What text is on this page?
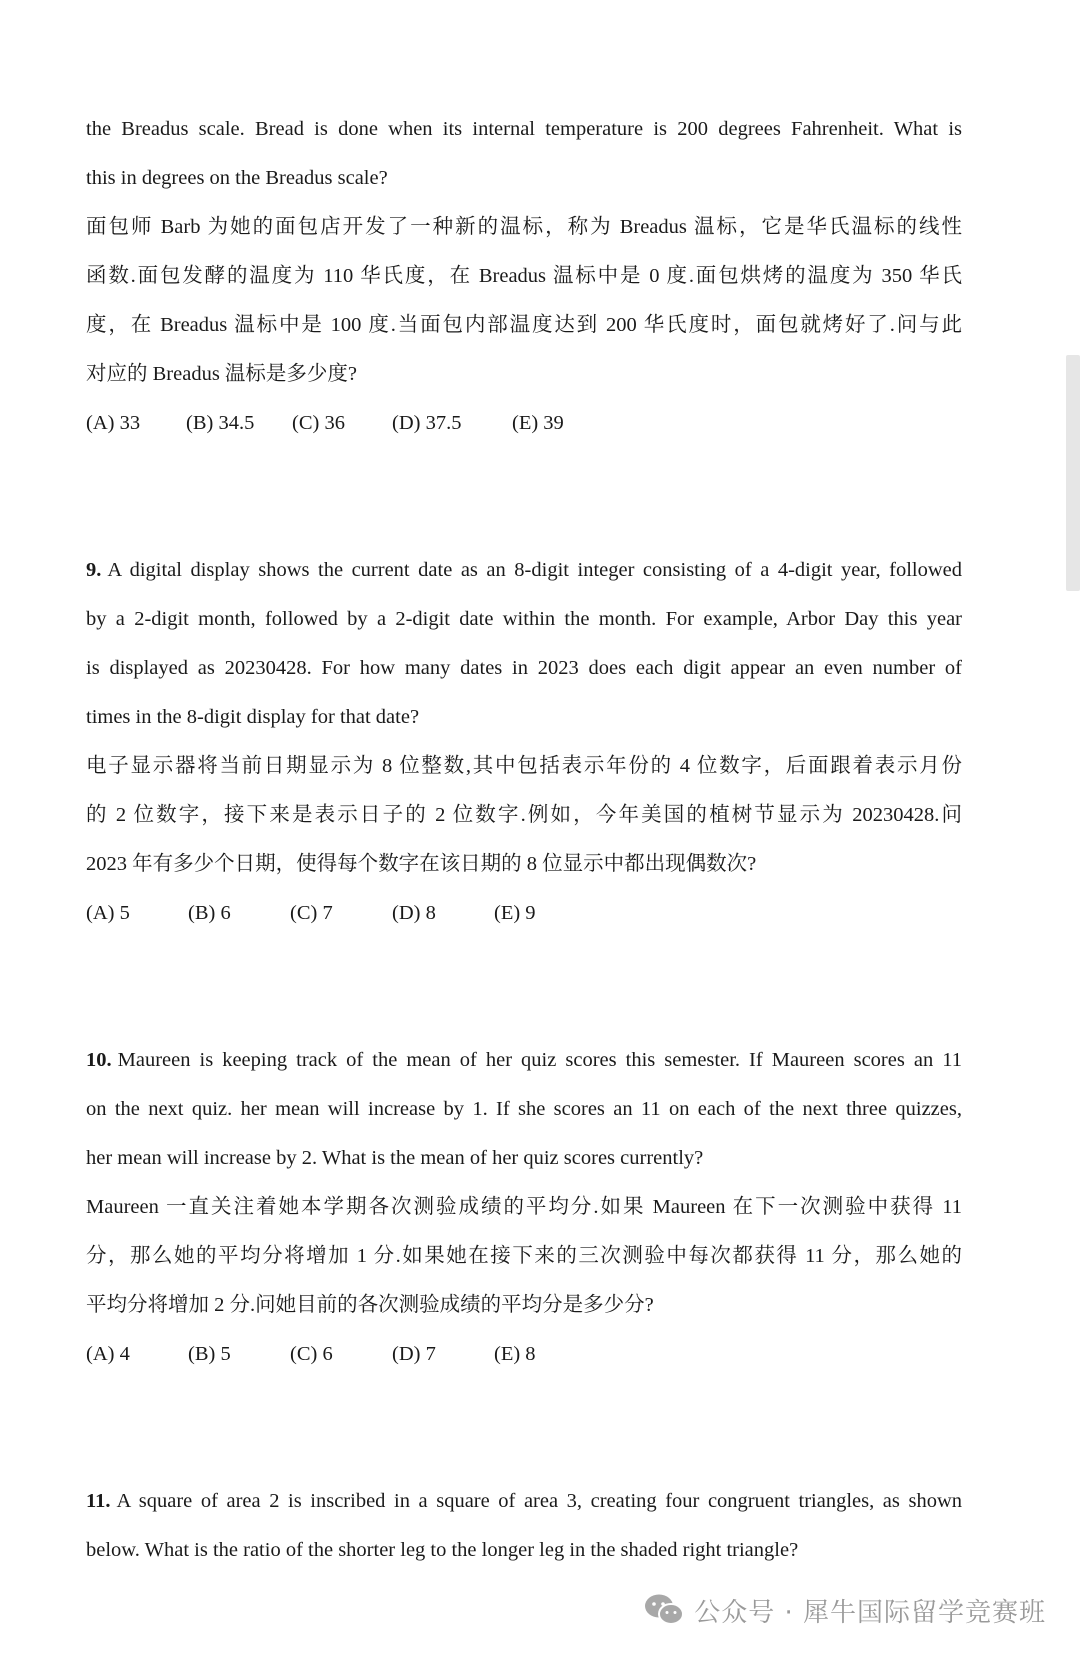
the Breadus scale. Bread is done when its internal temperature is 200 degrees Fahrenheit. What is
this in degrees on the Breadus scale?
面包师 Barb 为她的面包店开发了一种新的温标，称为 Breadus 温标，它是华氏温标的线性
函数.面包发酵的温度为 110 华氏度，在 Breadus 温标中是 0 度.面包烘烤的温度为 350 华氏
度，在 Breadus 温标中是 100 度.当面包内部温度达到 200 华氏度时，面包就烤好了.问与此
对应的 Breadus 温标是多少度?
(A) 33 (B) 34.5 (C) 36 (D) 37.5 (E) 39
9. A digital display shows the current date as an 8-digit integer consisting of a 4-digit year, followed
by a 2-digit month, followed by a 2-digit date within the month. For example, Arbor Day this year
is displayed as 20230428. For how many dates in 2023 does each digit appear an even number of
times in the 8-digit display for that date?
电子显示器将当前日期显示为 8 位整数,其中包括表示年份的 4 位数字，后面跟着表示月份
的 2 位数字，接下来是表示日子的 2 位数字.例如，今年美国的植树节显示为 20230428.问
2023 年有多少个日期，使得每个数字在该日期的 8 位显示中都出现偶数次?
(A) 5	(B) 6	(C) 7	(D) 8	(E) 9
10. Maureen is keeping track of the mean of her quiz scores this semester. If Maureen scores an 11
on the next quiz. her mean will increase by 1. If she scores an 11 on each of the next three quizzes,
her mean will increase by 2. What is the mean of her quiz scores currently?
Maureen 一直关注着她本学期各次测验成绩的平均分.如果 Maureen 在下一次测验中获得 11
分，那么她的平均分将增加 1 分.如果她在接下来的三次测验中每次都获得 11 分，那么她的
平均分将增加 2 分.问她目前的各次测验成绩的平均分是多少分?
(A) 4	(B) 5	(C) 6	(D) 7	(E) 8
11. A square of area 2 is inscribed in a square of area 3, creating four congruent triangles, as shown
below. What is the ratio of the shorter leg to the longer leg in the shaded right triangle?
公众号 · 犀牛国际留学竞赛班
